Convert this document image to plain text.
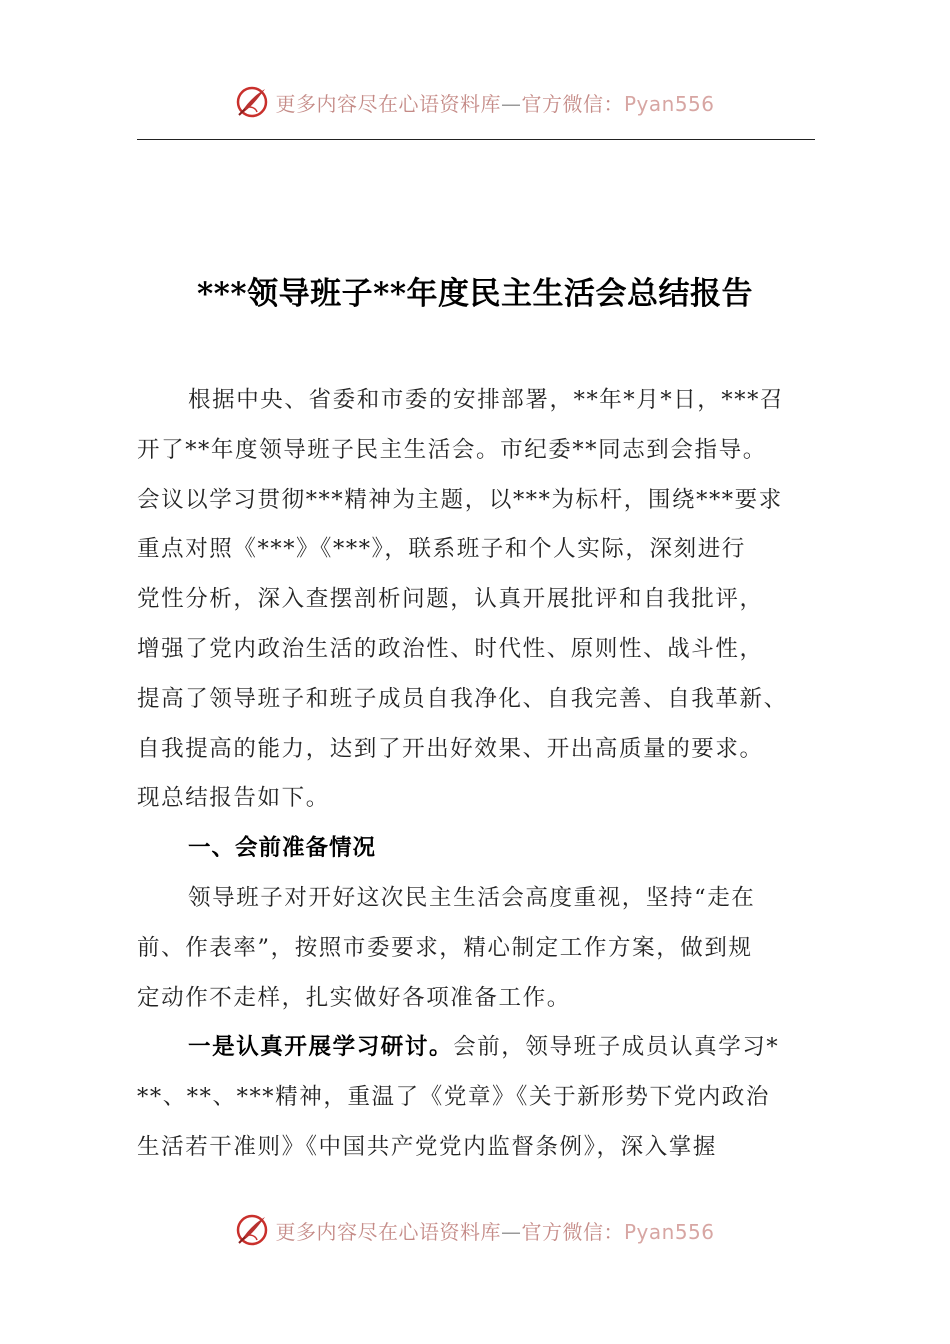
更多内容尽在心语资料库—官方微信：Pyan556
***领导班子**年度民主生活会总结报告
根据中央、省委和市委的安排部署，**年*月*日，***召
开了**年度领导班子民主生活会。市纪委**同志到会指导。
会议以学习贯彻***精神为主题，以***为标杆，围绕***要求
重点对照《***》《***》，联系班子和个人实际，深刻进行
党性分析，深入查摆剖析问题，认真开展批评和自我批评，
增强了党内政治生活的政治性、时代性、原则性、战斗性，
提高了领导班子和班子成员自我净化、自我完善、自我革新、
自我提高的能力，达到了开出好效果、开出高质量的要求。
现总结报告如下。
一、会前准备情况
领导班子对开好这次民主生活会高度重视，坚持“走在
前、作表率”，按照市委要求，精心制定工作方案，做到规
定动作不走样，扎实做好各项准备工作。
一是认真开展学习研讨。会前，领导班子成员认真学习*
**、**、***精神，重温了《党章》《关于新形势下党内政治
生活若干准则》《中国共产党党内监督条例》，深入掌握
更多内容尽在心语资料库—官方微信：Pyan556
